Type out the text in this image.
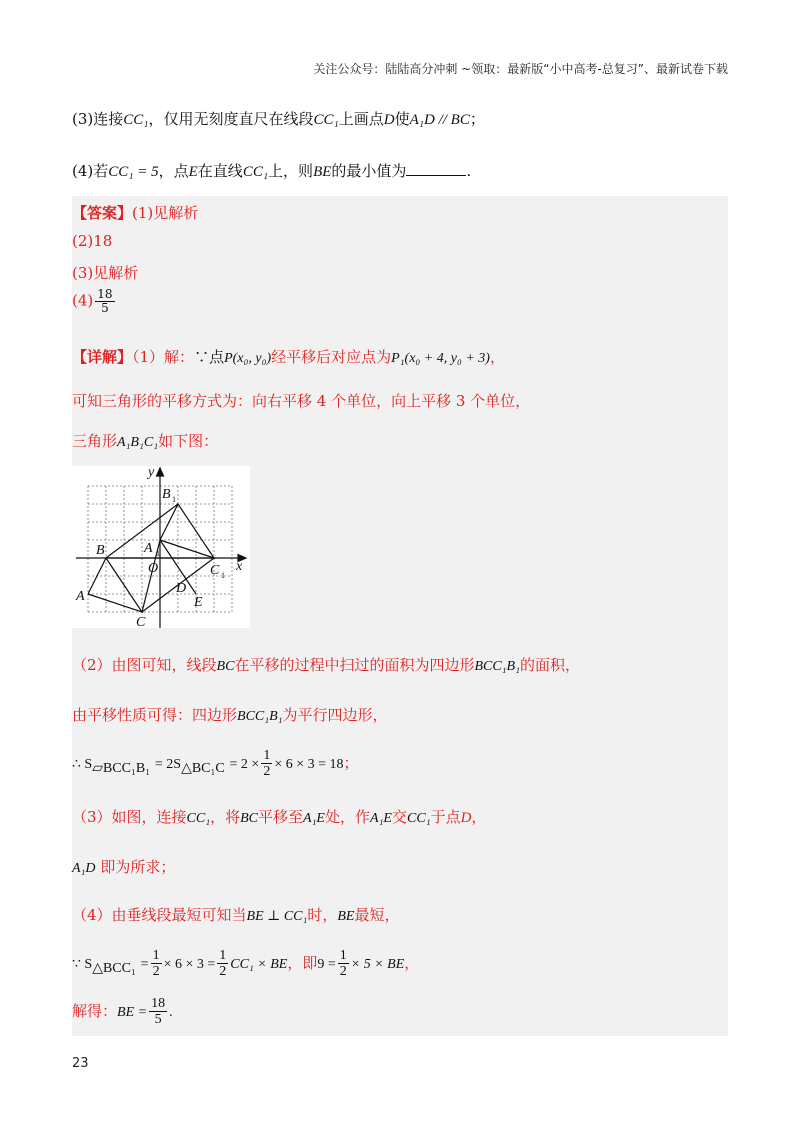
关注公众号：陆陆高分冲刺 ~领取：最新版“小中高考-总复习”、最新试卷下载
(3)连接CC₁，仅用无刻度直尺在线段CC₁上画点D使A₁D // BC；
(4)若CC₁ = 5，点E在直线CC₁上，则BE的最小值为	.
【答案】(1)见解析
(2)18
(3)见解析
$(4) \frac{18}{5}$
【详解】（1）解：∵点P(x₀, y₀)经平移后对应点为P₁(x₀ + 4, y₀ + 3)，
可知三角形的平移方式为：向右平移 4 个单位，向上平移 3 个单位，
三角形A₁B₁C₁如下图：
x
y
O
A
B
C
A 1
B 1
C 1
D
E
（2）由图可知，线段BC在平移的过程中扫过的面积为四边形BCC₁B₁的面积，
由平移性质可得：四边形BCC₁B₁为平行四边形，
∴ S▱BCC₁B₁ = 2S△BC₁C = $2 \times \frac{1}{2} \times 6 \times 3 = 18$；
（3）如图，连接CC₁，将BC平移至A₁E处，作A₁E交CC₁于点D，
A₁D 即为所求；
（4）由垂线段最短可知当BE ⊥ CC₁时，BE最短，
∵ S△BCC₁ = $\frac{1}{2} \times 6 \times 3 = \frac{1}{2} CC_1$ × BE，即$9 = \frac{1}{2} \times 5$ × BE，
解得：BE = $\frac{18}{5}$ .
23
